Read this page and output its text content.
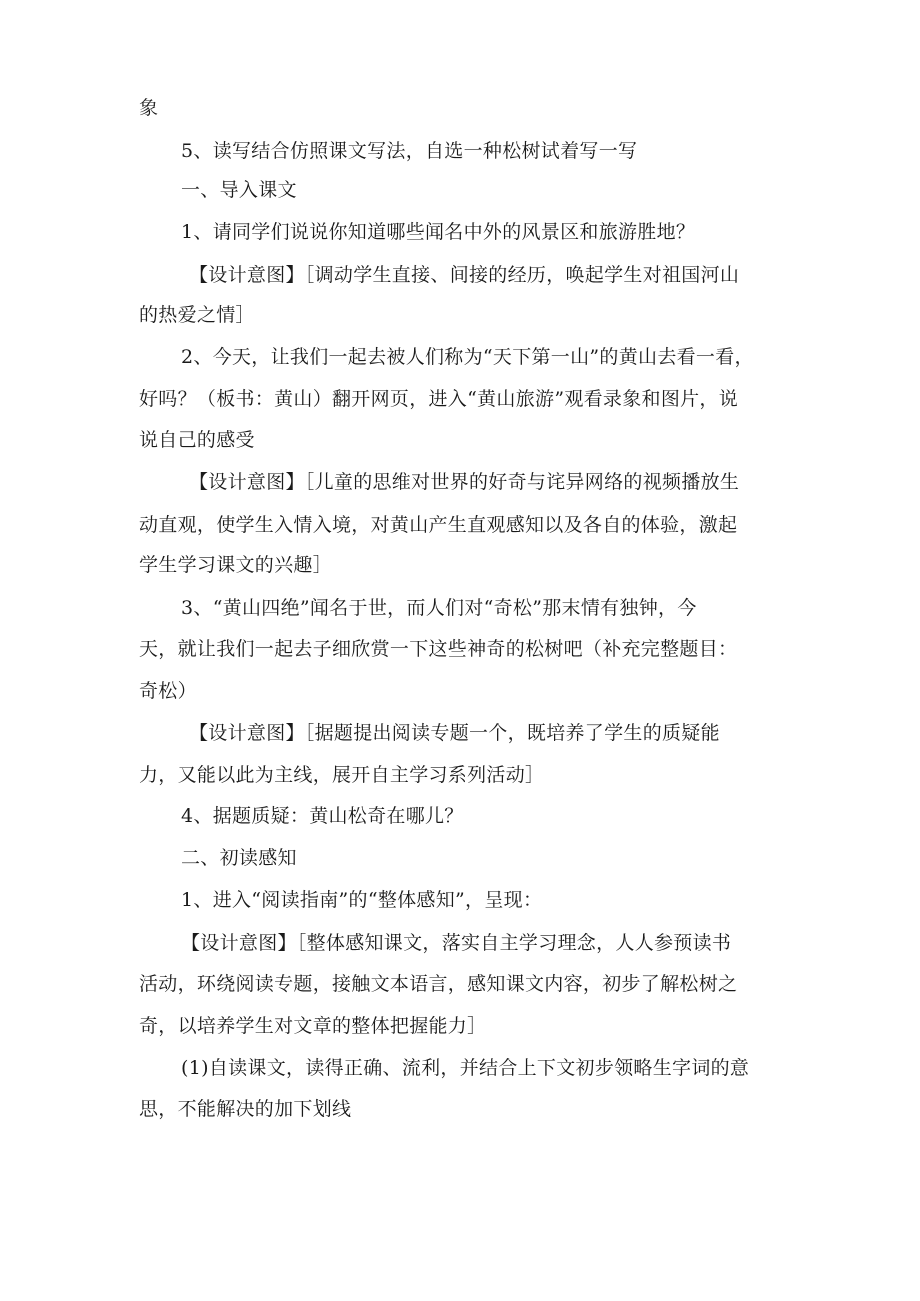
象

5、读写结合仿照课文写法，自选一种松树试着写一写

一、导入课文

1、请同学们说说你知道哪些闻名中外的风景区和旅游胜地？

【设计意图】［调动学生直接、间接的经历，唤起学生对祖国河山

的热爱之情］

2、今天，让我们一起去被人们称为“天下第一山”的黄山去看一看，

好吗？（板书：黄山）翻开网页，进入“黄山旅游”观看录象和图片，说

说自己的感受

【设计意图】［儿童的思维对世界的好奇与诧异网络的视频播放生

动直观，使学生入情入境，对黄山产生直观感知以及各自的体验，激起

学生学习课文的兴趣］

3、“黄山四绝”闻名于世，而人们对“奇松”那末情有独钟，今

天，就让我们一起去子细欣赏一下这些神奇的松树吧（补充完整题目：

奇松）

【设计意图】［据题提出阅读专题一个，既培养了学生的质疑能

力，又能以此为主线，展开自主学习系列活动］

4、据题质疑：黄山松奇在哪儿？

二、初读感知

1、进入“阅读指南”的“整体感知”，呈现：

【设计意图】［整体感知课文，落实自主学习理念，人人参预读书

活动，环绕阅读专题，接触文本语言，感知课文内容，初步了解松树之

奇，以培养学生对文章的整体把握能力］

(1)自读课文，读得正确、流利，并结合上下文初步领略生字词的意

思，不能解决的加下划线
